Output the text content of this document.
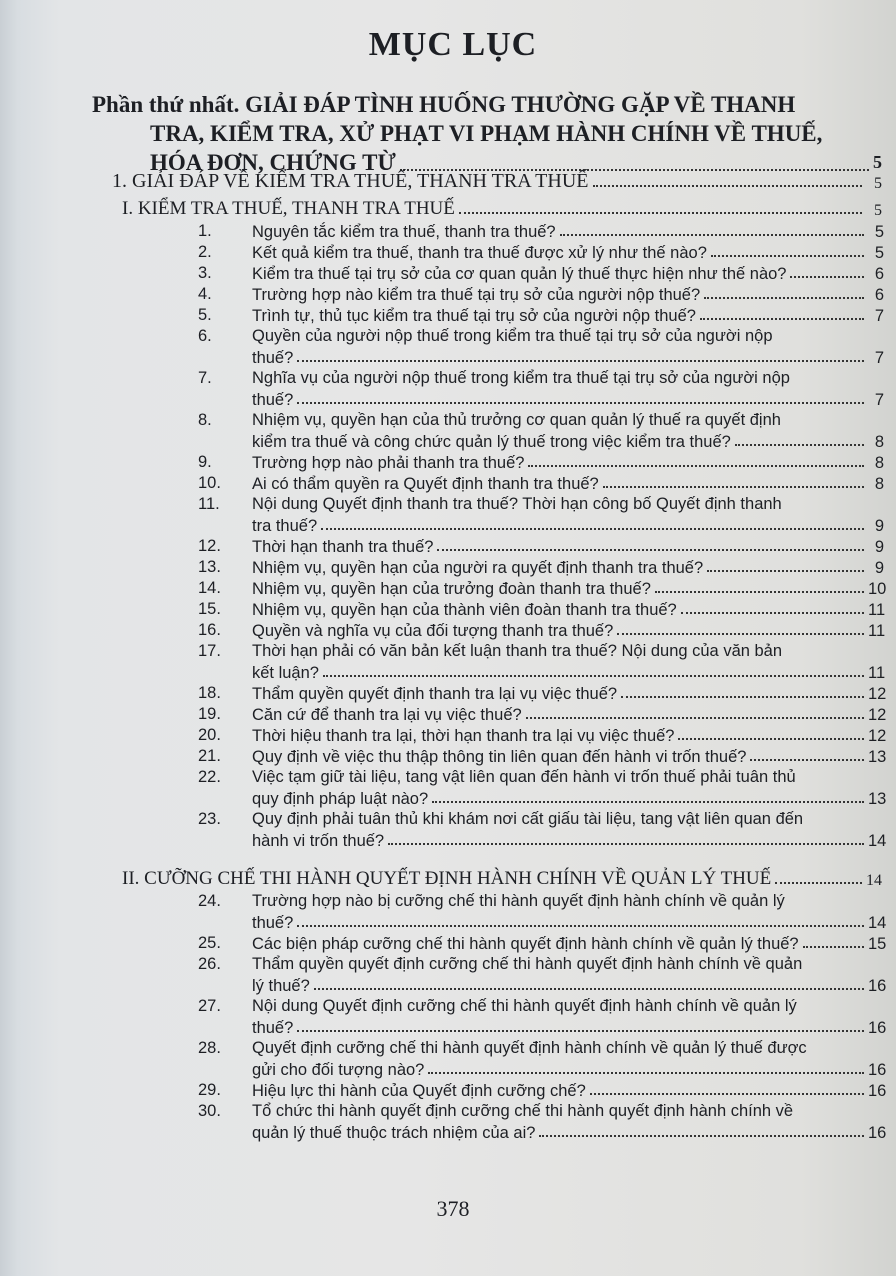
MỤC LỤC
Phần thứ nhất. GIẢI ĐÁP TÌNH HUỐNG THƯỜNG GẶP VỀ THANH
TRA, KIỂM TRA, XỬ PHẠT VI PHẠM HÀNH CHÍNH VỀ THUẾ,
HÓA ĐƠN, CHỨNG TỪ	5
1. GIẢI ĐÁP VỀ KIỂM TRA THUẾ, THANH TRA THUẾ	5
I. KIỂM TRA THUẾ, THANH TRA THUẾ	5
1.	Nguyên tắc kiểm tra thuế, thanh tra thuế?	5
2.	Kết quả kiểm tra thuế, thanh tra thuế được xử lý như thế nào?	5
3.	Kiểm tra thuế tại trụ sở của cơ quan quản lý thuế thực hiện như thế nào?	6
4.	Trường hợp nào kiểm tra thuế tại trụ sở của người nộp thuế?	6
5.	Trình tự, thủ tục kiểm tra thuế tại trụ sở của người nộp thuế?	7
6.	Quyền của người nộp thuế trong kiểm tra thuế tại trụ sở của người nộp
thuế?	7
7.	Nghĩa vụ của người nộp thuế trong kiểm tra thuế tại trụ sở của người nộp
thuế?	7
8.	Nhiệm vụ, quyền hạn của thủ trưởng cơ quan quản lý thuế ra quyết định
kiểm tra thuế và công chức quản lý thuế trong việc kiểm tra thuế?	8
9.	Trường hợp nào phải thanh tra thuế?	8
10.	Ai có thẩm quyền ra Quyết định thanh tra thuế?	8
11.	Nội dung Quyết định thanh tra thuế? Thời hạn công bố Quyết định thanh
tra thuế?	9
12.	Thời hạn thanh tra thuế?	9
13.	Nhiệm vụ, quyền hạn của người ra quyết định thanh tra thuế?	9
14.	Nhiệm vụ, quyền hạn của trưởng đoàn thanh tra thuế?	10
15.	Nhiệm vụ, quyền hạn của thành viên đoàn thanh tra thuế?	11
16.	Quyền và nghĩa vụ của đối tượng thanh tra thuế?	11
17.	Thời hạn phải có văn bản kết luận thanh tra thuế? Nội dung của văn bản
kết luận?	11
18.	Thẩm quyền quyết định thanh tra lại vụ việc thuế?	12
19.	Căn cứ để thanh tra lại vụ việc thuế?	12
20.	Thời hiệu thanh tra lại, thời hạn thanh tra lại vụ việc thuế?	12
21.	Quy định về việc thu thập thông tin liên quan đến hành vi trốn thuế?	13
22.	Việc tạm giữ tài liệu, tang vật liên quan đến hành vi trốn thuế phải tuân thủ
quy định pháp luật nào?	13
23.	Quy định phải tuân thủ khi khám nơi cất giấu tài liệu, tang vật liên quan đến
hành vi trốn thuế?	14
II. CƯỠNG CHẾ THI HÀNH QUYẾT ĐỊNH HÀNH CHÍNH VỀ QUẢN LÝ THUẾ	14
24.	Trường hợp nào bị cưỡng chế thi hành quyết định hành chính về quản lý
thuế?	14
25.	Các biện pháp cưỡng chế thi hành quyết định hành chính về quản lý thuế?	15
26.	Thẩm quyền quyết định cưỡng chế thi hành quyết định hành chính về quản
lý thuế?	16
27.	Nội dung Quyết định cưỡng chế thi hành quyết định hành chính về quản lý
thuế?	16
28.	Quyết định cưỡng chế thi hành quyết định hành chính về quản lý thuế được
gửi cho đối tượng nào?	16
29.	Hiệu lực thi hành của Quyết định cưỡng chế?	16
30.	Tổ chức thi hành quyết định cưỡng chế thi hành quyết định hành chính về
quản lý thuế thuộc trách nhiệm của ai?	16
378
